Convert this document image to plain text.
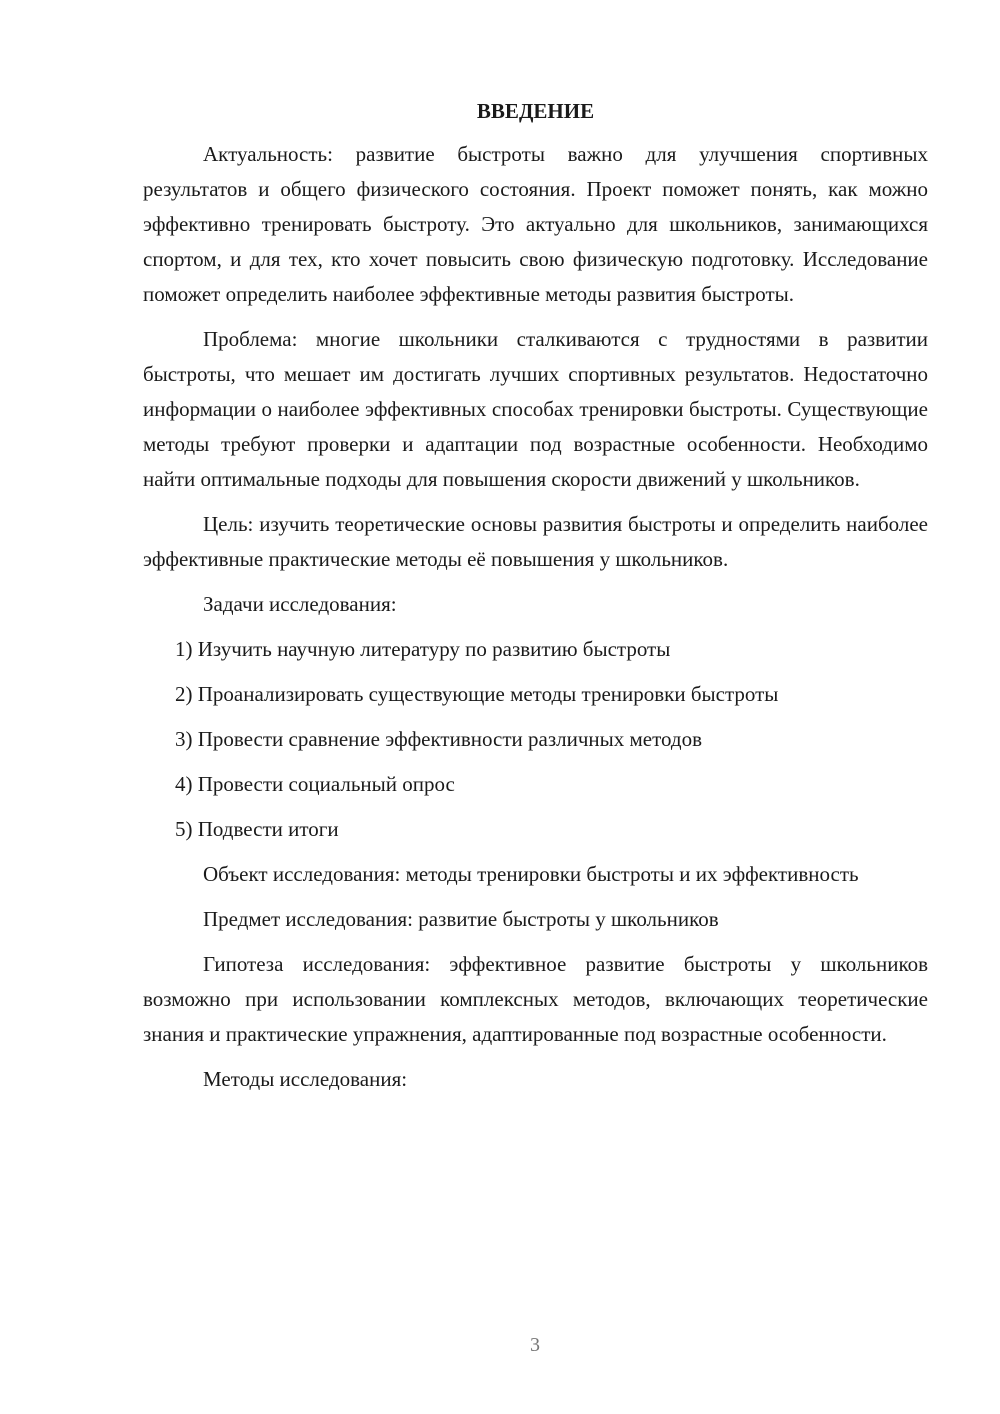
ВВЕДЕНИЕ

Актуальность: развитие быстроты важно для улучшения спортивных результатов и общего физического состояния. Проект поможет понять, как можно эффективно тренировать быстроту. Это актуально для школьников, занимающихся спортом, и для тех, кто хочет повысить свою физическую подготовку. Исследование поможет определить наиболее эффективные методы развития быстроты.

Проблема: многие школьники сталкиваются с трудностями в развитии быстроты, что мешает им достигать лучших спортивных результатов. Недостаточно информации о наиболее эффективных способах тренировки быстроты. Существующие методы требуют проверки и адаптации под возрастные особенности. Необходимо найти оптимальные подходы для повышения скорости движений у школьников.

Цель: изучить теоретические основы развития быстроты и определить наиболее эффективные практические методы её повышения у школьников.

Задачи исследования:

1) Изучить научную литературу по развитию быстроты
2) Проанализировать существующие методы тренировки быстроты
3) Провести сравнение эффективности различных методов
4) Провести социальный опрос
5) Подвести итоги

Объект исследования: методы тренировки быстроты и их эффективность

Предмет исследования: развитие быстроты у школьников

Гипотеза исследования: эффективное развитие быстроты у школьников возможно при использовании комплексных методов, включающих теоретические знания и практические упражнения, адаптированные под возрастные особенности.

Методы исследования:

3
